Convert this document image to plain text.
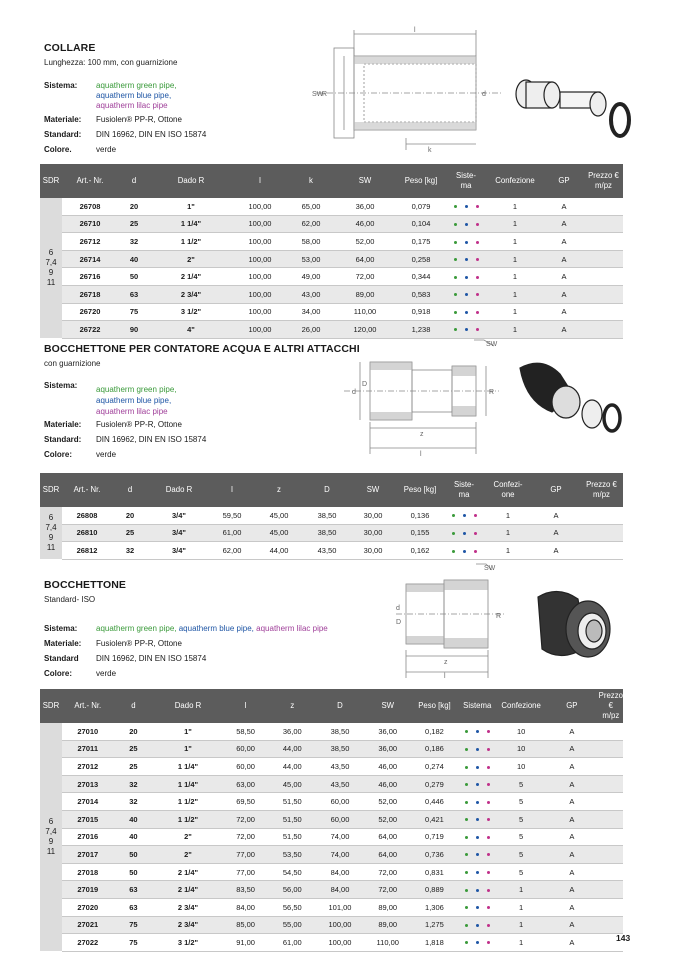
COLLARE
Lunghezza: 100 mm, con guarnizione
Sistema:	aquatherm green pipe,
aquatherm blue pipe,
aquatherm lilac pipe
Materiale:	Fusiolen® PP-R, Ottone
Standard:	DIN 16962, DIN EN ISO 15874
Colore.	verde
l
k
SW
R	d
SDR	Art.- Nr.	d	Dado R	l	k	SW	Peso [kg]	Siste-
ma	Confezione	GP	Prezzo €
m/pz

6
7,4
9
11	26708	20	1"	100,00	65,00	36,00	0,079		1	A	
	26710	25	1 1/4"	100,00	62,00	46,00	0,104		1	A	
	26712	32	1 1/2"	100,00	58,00	52,00	0,175		1	A	
	26714	40	2"	100,00	53,00	64,00	0,258		1	A	
	26716	50	2 1/4"	100,00	49,00	72,00	0,344		1	A	
	26718	63	2 3/4"	100,00	43,00	89,00	0,583		1	A	
	26720	75	3 1/2"	100,00	34,00	110,00	0,918		1	A	
	26722	90	4"	100,00	26,00	120,00	1,238		1	A	
BOCCHETTONE PER CONTATORE ACQUA E ALTRI ATTACCHI
con guarnizione
Sistema:	aquatherm green pipe,
aquatherm blue pipe,
aquatherm lilac pipe
Materiale:	Fusiolen® PP-R, Ottone
Standard:	DIN 16962, DIN EN ISO 15874
Colore:	verde
SW
z
l
d
D
R
SDR	Art.- Nr.	d	Dado R	l	z	D	SW	Peso [kg]	Siste-
ma	Confezi-
one	GP	Prezzo €
m/pz

6
7,4
9
11	26808	20	3/4"	59,50	45,00	38,50	30,00	0,136		1	A	
	26810	25	3/4"	61,00	45,00	38,50	30,00	0,155		1	A	
	26812	32	3/4"	62,00	44,00	43,50	30,00	0,162		1	A	
BOCCHETTONE
Standard- ISO
Sistema:	aquatherm green pipe, aquatherm blue pipe, aquatherm lilac pipe
Materiale:	Fusiolen® PP-R, Ottone
Standard	DIN 16962, DIN EN ISO 15874
Colore:	verde
SW
z
l
d
D
R
SDR	Art.- Nr.	d	Dado R	l	z	D	SW	Peso [kg]	Sistema	Confezione	GP	Prezzo €
m/pz

6
7,4
9
11	27010	20	1"	58,50	36,00	38,50	36,00	0,182		10	A	
	27011	25	1"	60,00	44,00	38,50	36,00	0,186		10	A	
	27012	25	1 1/4"	60,00	44,00	43,50	46,00	0,274		10	A	
	27013	32	1 1/4"	63,00	45,00	43,50	46,00	0,279		5	A	
	27014	32	1 1/2"	69,50	51,50	60,00	52,00	0,446		5	A	
	27015	40	1 1/2"	72,00	51,50	60,00	52,00	0,421		5	A	
	27016	40	2"	72,00	51,50	74,00	64,00	0,719		5	A	
	27017	50	2"	77,00	53,50	74,00	64,00	0,736		5	A	
	27018	50	2 1/4"	77,00	54,50	84,00	72,00	0,831		5	A	
	27019	63	2 1/4"	83,50	56,00	84,00	72,00	0,889		1	A	
	27020	63	2 3/4"	84,00	56,50	101,00	89,00	1,306		1	A	
	27021	75	2 3/4"	85,00	55,00	100,00	89,00	1,275		1	A	
	27022	75	3 1/2"	91,00	61,00	100,00	110,00	1,818		1	A		143
